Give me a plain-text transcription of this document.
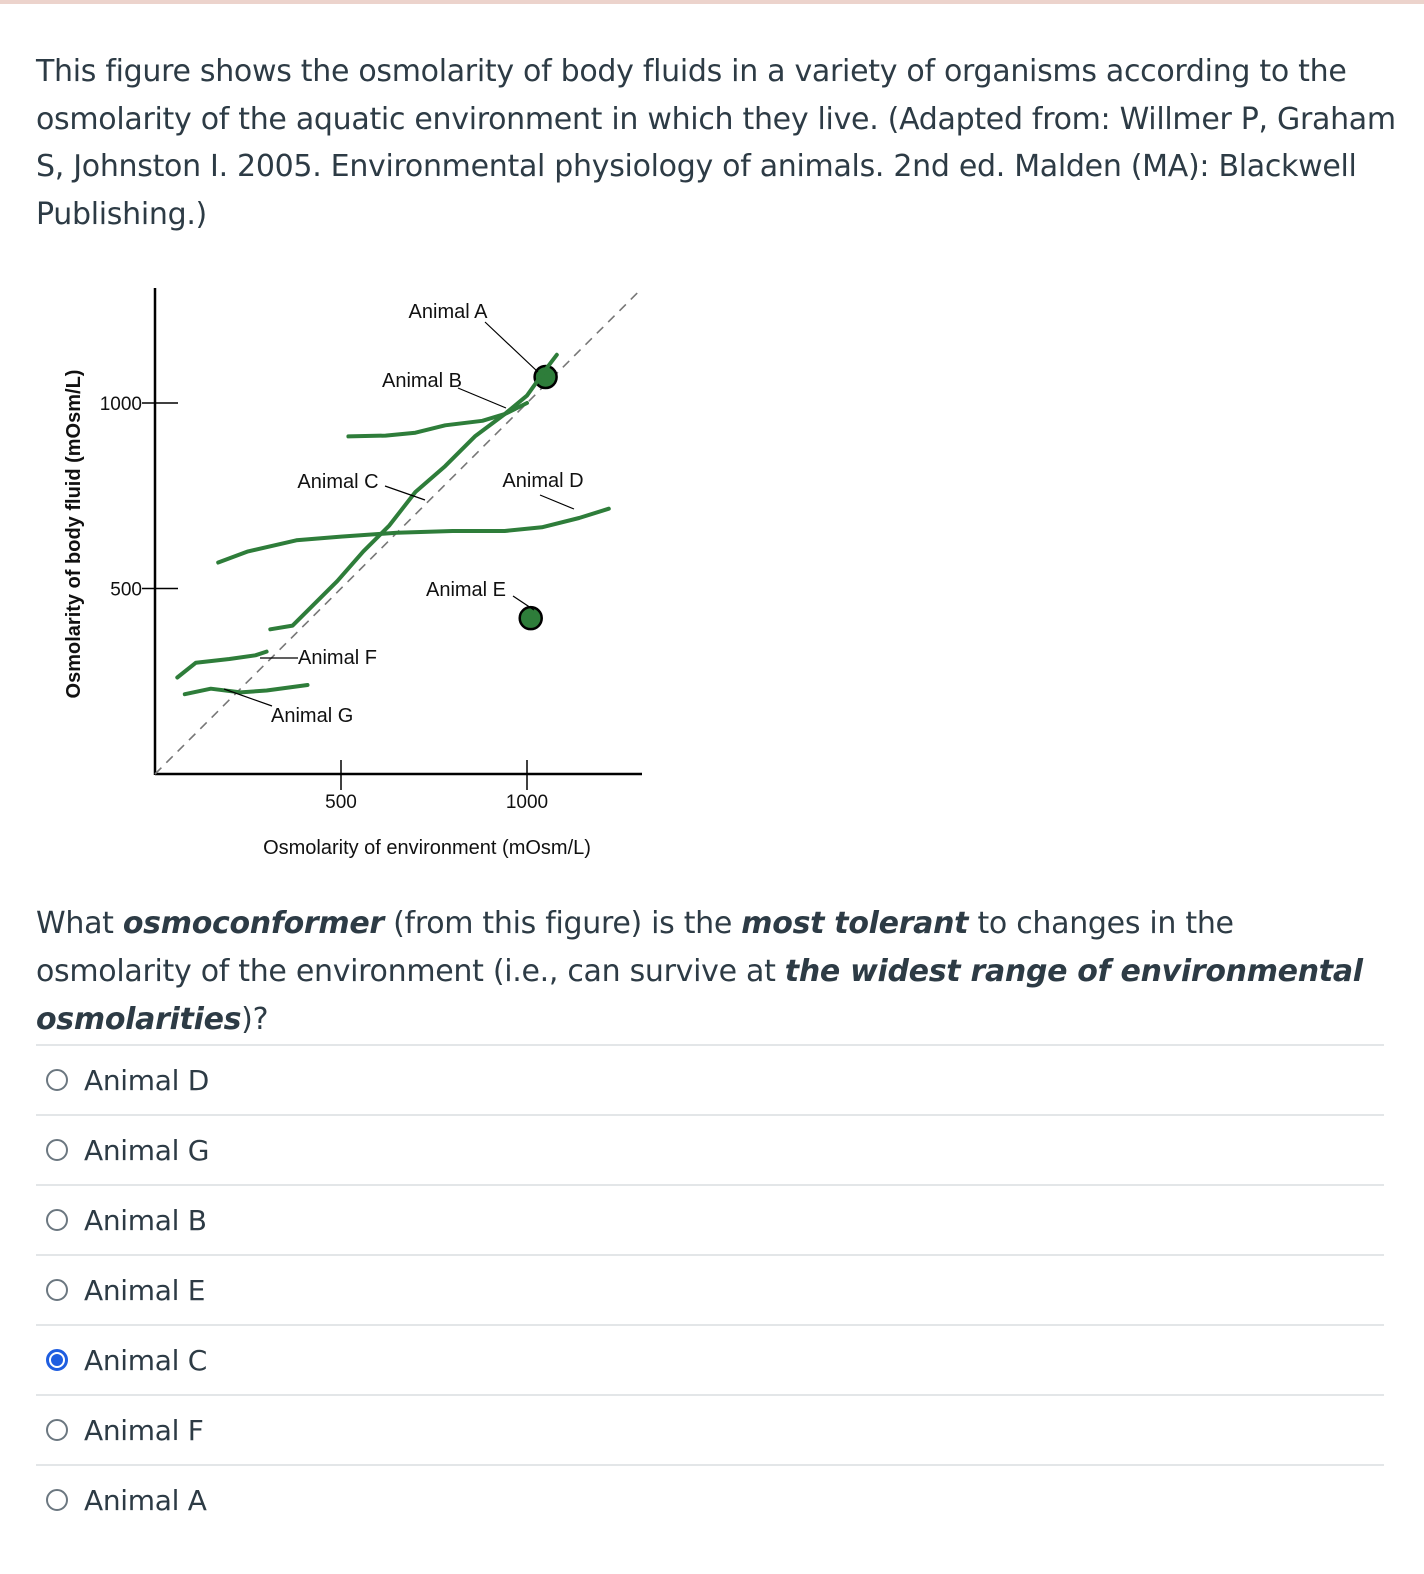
This figure shows the osmolarity of body fluids in a variety of organisms according to the osmolarity of the aquatic environment in which they live. (Adapted from: Willmer P, Graham S, Johnston I. 2005. Environmental physiology of animals. 2nd ed. Malden (MA): Blackwell Publishing.)

Osmolarity of body fluid (mOsm/L)
Osmolarity of environment (mOsm/L)
500
1000
500	1000
Animal A
Animal B
Animal C	Animal D
Animal E
Animal F
Animal G

What osmoconformer (from this figure) is the most tolerant to changes in the osmolarity of the environment (i.e., can survive at the widest range of environmental osmolarities)?

Animal D
Animal G
Animal B
Animal E
Animal C
Animal F
Animal A
